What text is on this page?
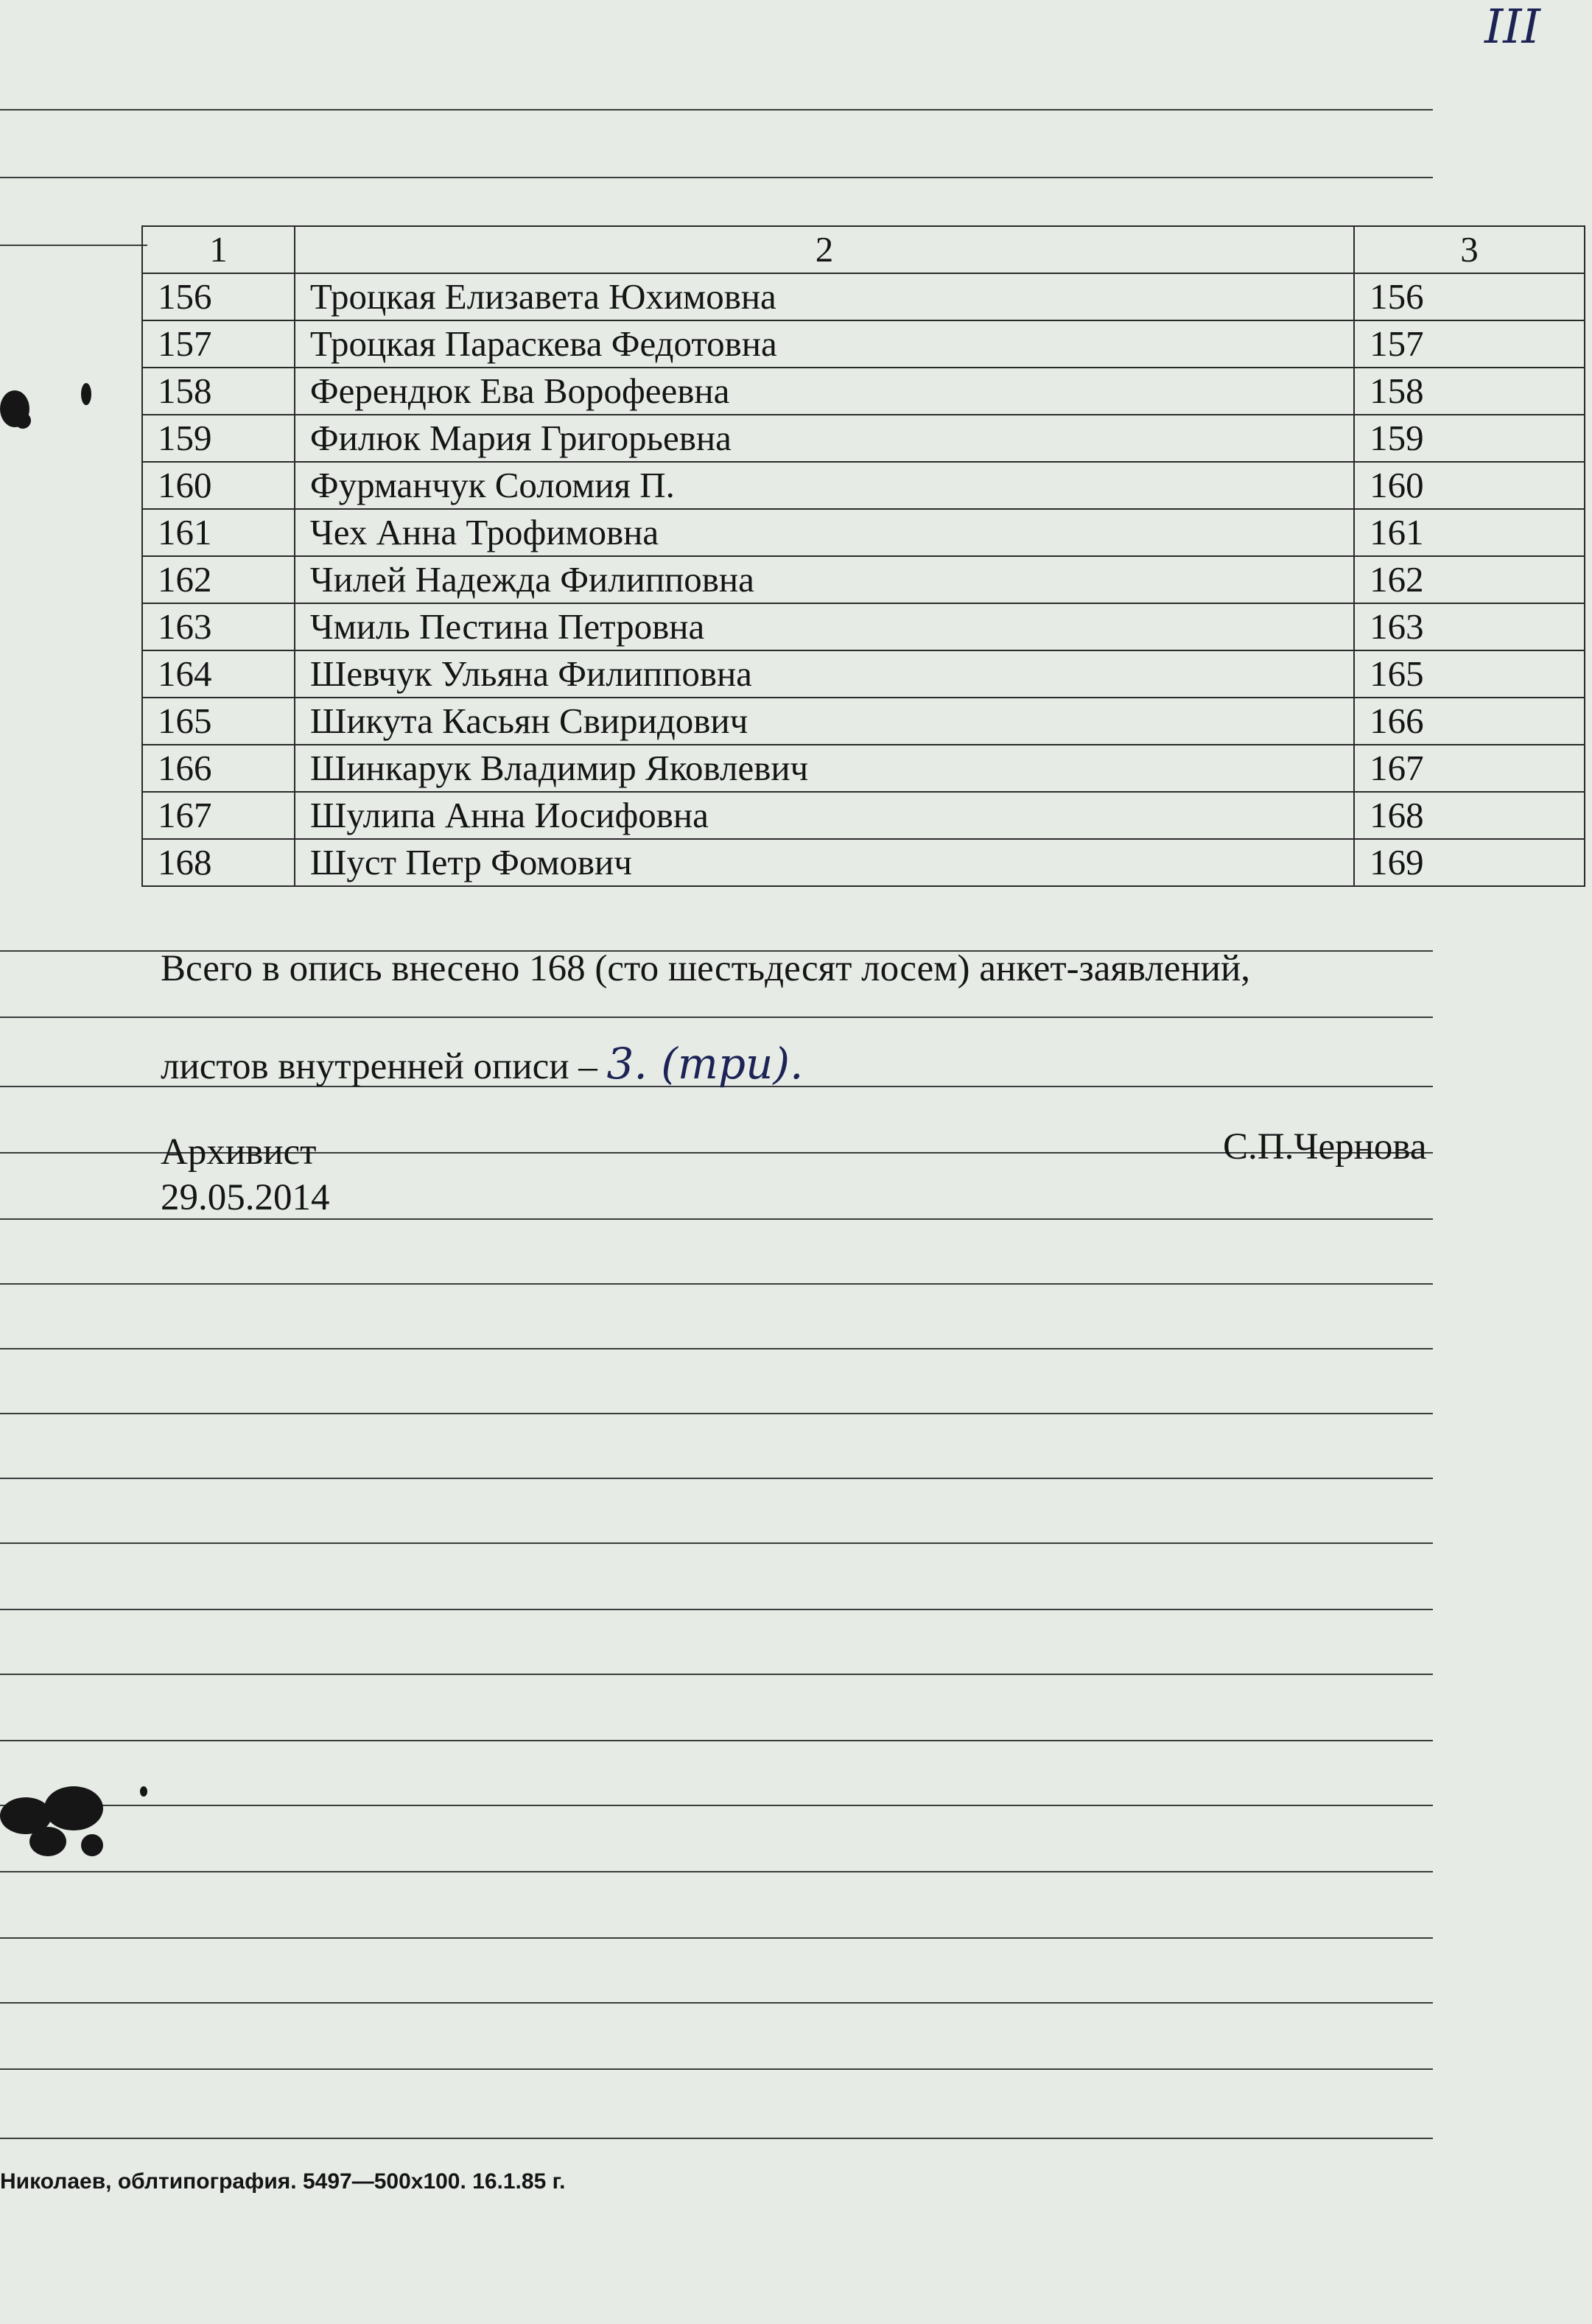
III
1	2	3
156	Троцкая Елизавета Юхимовна	156
157	Троцкая Параскева Федотовна	157
158	Ферендюк Ева Ворофеевна	158
159	Филюк Мария Григорьевна	159
160	Фурманчук Соломия П.	160
161	Чех Анна Трофимовна	161
162	Чилей Надежда Филипповна	162
163	Чмиль Пестина Петровна	163
164	Шевчук Ульяна Филипповна	165
165	Шикута Касьян Свиридович	166
166	Шинкарук Владимир Яковлевич	167
167	Шулипа Анна Иосифовна	168
168	Шуст Петр Фомович	169
Всего в опись внесено 168 (сто шестьдесят лосем) анкет-заявлений,
листов внутренней описи – 3. (три).
Архивист	С.П.Чернова
29.05.2014
Николаев, облтипография. 5497—500х100. 16.1.85 г.
